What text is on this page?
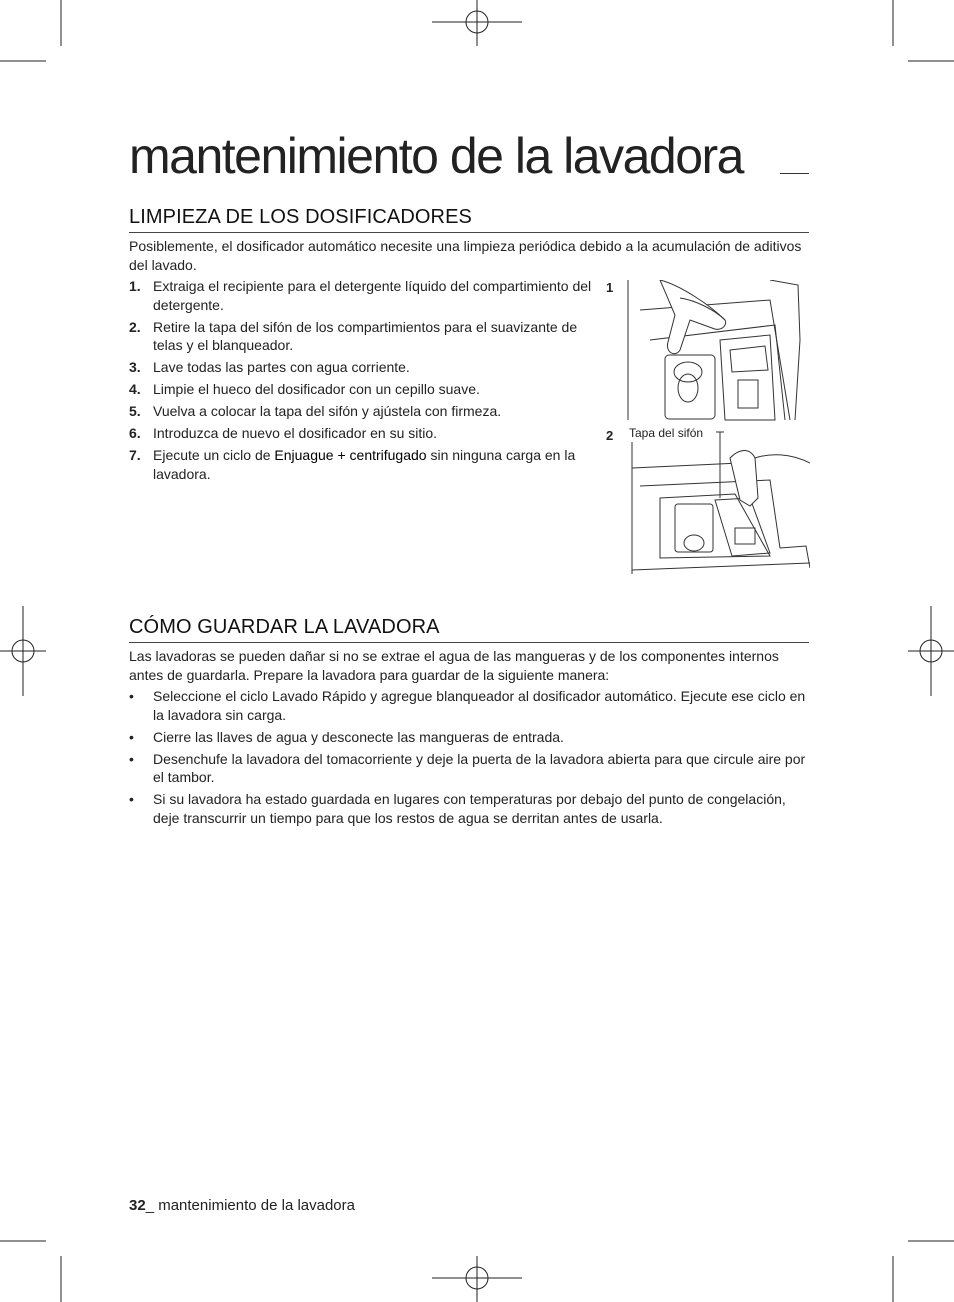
mantenimiento de la lavadora
LIMPIEZA DE LOS DOSIFICADORES

Posiblemente, el dosificador automático necesite una limpieza periódica debido a la acumulación de aditivos del lavado.

1. Extraiga el recipiente para el detergente líquido del compartimiento del detergente.
2. Retire la tapa del sifón de los compartimientos para el suavizante de telas y el blanqueador.
3. Lave todas las partes con agua corriente.
4. Limpie el hueco del dosificador con un cepillo suave.
5. Vuelva a colocar la tapa del sifón y ajústela con firmeza.
6. Introduzca de nuevo el dosificador en su sitio.
7. Ejecute un ciclo de Enjuague + centrifugado sin ninguna carga en la lavadora.
1
2 Tapa del sifón
CÓMO GUARDAR LA LAVADORA

Las lavadoras se pueden dañar si no se extrae el agua de las mangueras y de los componentes internos antes de guardarla. Prepare la lavadora para guardar de la siguiente manera:

• Seleccione el ciclo Lavado Rápido y agregue blanqueador al dosificador automático. Ejecute ese ciclo en la lavadora sin carga.
• Cierre las llaves de agua y desconecte las mangueras de entrada.
• Desenchufe la lavadora del tomacorriente y deje la puerta de la lavadora abierta para que circule aire por el tambor.
• Si su lavadora ha estado guardada en lugares con temperaturas por debajo del punto de congelación, deje transcurrir un tiempo para que los restos de agua se derritan antes de usarla.
32_ mantenimiento de la lavadora
